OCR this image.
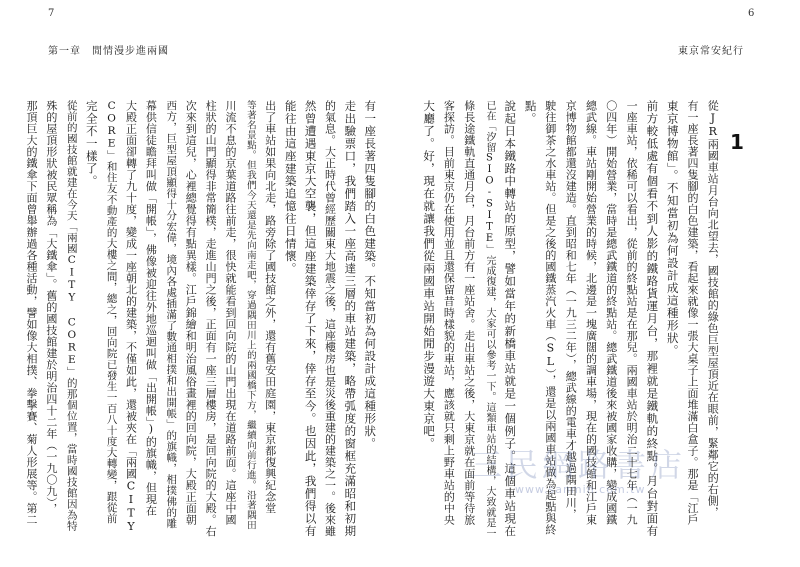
7
第一章　閒情漫步進兩國
有一座長著四隻腳的白色建築。不知當初為何設計成這種形狀。
走出驗票口，我們踏入一座高達三層的車站建築，略帶弧度的窗框充滿昭和初期
的氣息。大正時代曾經歷關東大地震之後，這座樓房也是災後重建的建築之一。後來雖
然曾遭遇東京大空襲，但這座建築倖存了下來，倖存至今。也因此，我們得以有
能往由這座建築追憶往日情懷。
出了車站如果向北走，路旁除了國技館之外，還有舊安田庭園，東京都復興紀念堂
等著名景點。但我們今天還是先向南走吧，穿過隅田川上的兩國橋下方，繼續向前行進。沿著隅田
川流不息的京葉道路往前走，很快就能看到回向院的山門出現在道路前面。這座中國
柱狀的山門顯得非常簡樸，走進山門之後，正面有一座三層樓房，是回向院的大殿。右
次來到這兒，心裡總覺得有點異樣。江戶錦繪和明治風俗畫裡的回向院，大殿正面朝
西方，巨型屋頂顯得十分宏偉，境內各處插滿了數通相撲和出開帳」的旗幟，相撲佛的雕
幕供信徒瞻拜叫做「開帳」，佛像被迎往外地巡迴叫做「出開帳」)的旗幟，但現在
大殿正面卻轉了九十度，變成一座朝北的建築，不僅如此，還被夾在「兩國CITY
CORE」和住友不動產的大樓之間，總之，回向院已發生一百八十度大轉變，跟從前
完全不一樣了。
從前的國技館就建在今天「兩國CITY CORE」的那個位置，當時國技館因為特
殊的屋頂形狀被民眾稱為「大鐵傘」。舊的國技館建於明治四十二年（一九〇九），
那頂巨大的鐵傘下面曾舉辦過各種活動，譬如像大相撲、拳擊賽、菊人形展等。第二
6
東京常安紀行
1
從JR兩國車站月台向北望去，國技館的綠色巨型屋頂近在眼前，緊鄰它的右側，
有一座長著四隻腳的白色建築，看起來就像一張大桌子上面堆滿白盒子。那是「江戶
東京博物館」。不知當初為何設計成這種形狀。
前方較低處有個看不到人影的鐵路貨運月台，那裡就是鐵軌的終點。月台對面有
一座車站，依稀可以看出，從前的終點站是在那兒。兩國車站於明治二十七年（一九
〇四年）開始營業，當時是總武鐵道的終點站。總武鐵道後來被國家收購，變成國鐵
總武線。車站剛開始營業的時候，北邊是一塊廣闊的調車場，現在的國技館和江戶東
京博物館都還沒建造。直到昭和七年（一九三二年），總武線的電車才越過隅田川，
駛往御茶之水車站。但是之後的國鐵蒸汽火車（SL），還是以兩國車站做為起點與終
點。
說起日本鐵路中轉站的原型，譬如當年的新橋車站就是一個例子。這個車站現在
已在「汐留SIO-SITE」完成復建，大家可以參考一下。這類車站的結構，大致就是一
條長途鐵軌直通月台，月台前方有一座站舍。走出車站之後，大東京就在面前等待旅
客探訪。目前東京仍在使用並且還保留昔時樣貌的車站，應該就只剩上野車站的中央
大廳了。好，現在就讓我們從兩國車站開始閒步漫遊大東京吧。
三民網路書店
www.sanmin.com.tw
